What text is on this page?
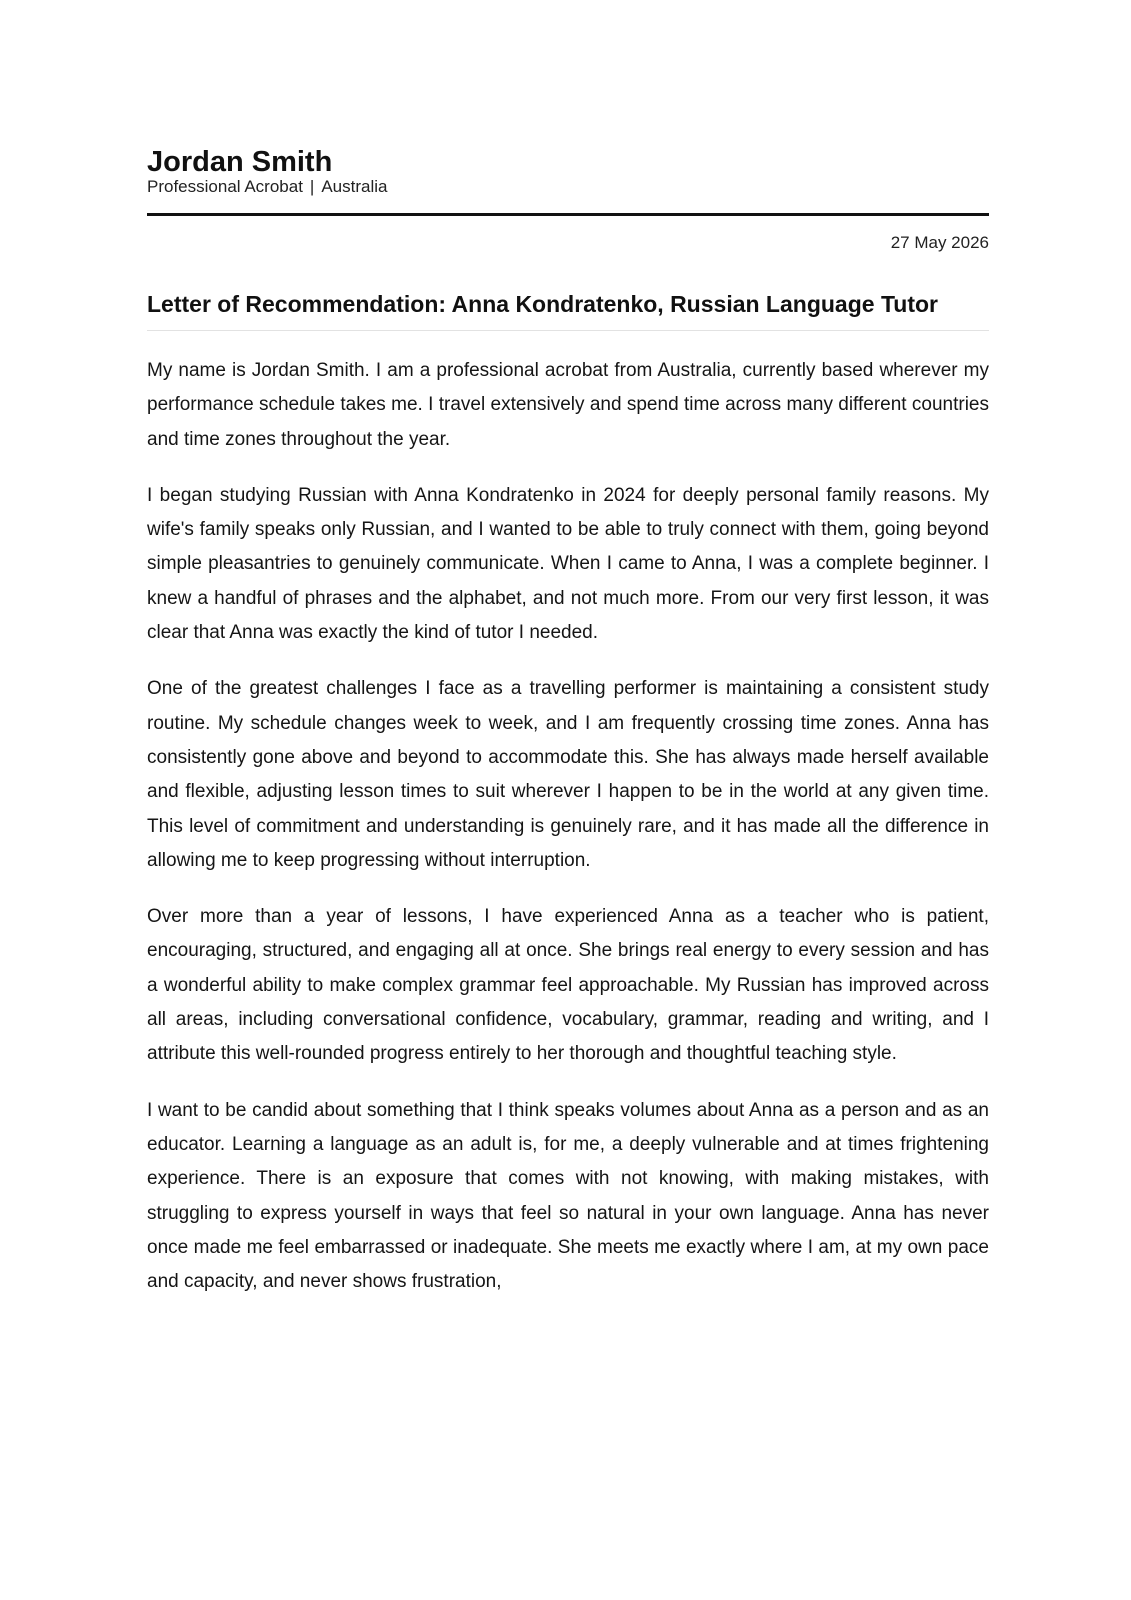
Jordan Smith
Professional Acrobat | Australia
27 May 2026
Letter of Recommendation: Anna Kondratenko, Russian Language Tutor

My name is Jordan Smith. I am a professional acrobat from Australia, currently based wherever my performance schedule takes me. I travel extensively and spend time across many different countries and time zones throughout the year.

I began studying Russian with Anna Kondratenko in 2024 for deeply personal family reasons. My wife's family speaks only Russian, and I wanted to be able to truly connect with them, going beyond simple pleasantries to genuinely communicate. When I came to Anna, I was a complete beginner. I knew a handful of phrases and the alphabet, and not much more. From our very first lesson, it was clear that Anna was exactly the kind of tutor I needed.

One of the greatest challenges I face as a travelling performer is maintaining a consistent study routine. My schedule changes week to week, and I am frequently crossing time zones. Anna has consistently gone above and beyond to accommodate this. She has always made herself available and flexible, adjusting lesson times to suit wherever I happen to be in the world at any given time. This level of commitment and understanding is genuinely rare, and it has made all the difference in allowing me to keep progressing without interruption.

Over more than a year of lessons, I have experienced Anna as a teacher who is patient, encouraging, structured, and engaging all at once. She brings real energy to every session and has a wonderful ability to make complex grammar feel approachable. My Russian has improved across all areas, including conversational confidence, vocabulary, grammar, reading and writing, and I attribute this well-rounded progress entirely to her thorough and thoughtful teaching style.

I want to be candid about something that I think speaks volumes about Anna as a person and as an educator. Learning a language as an adult is, for me, a deeply vulnerable and at times frightening experience. There is an exposure that comes with not knowing, with making mistakes, with struggling to express yourself in ways that feel so natural in your own language. Anna has never once made me feel embarrassed or inadequate. She meets me exactly where I am, at my own pace and capacity, and never shows frustration,
